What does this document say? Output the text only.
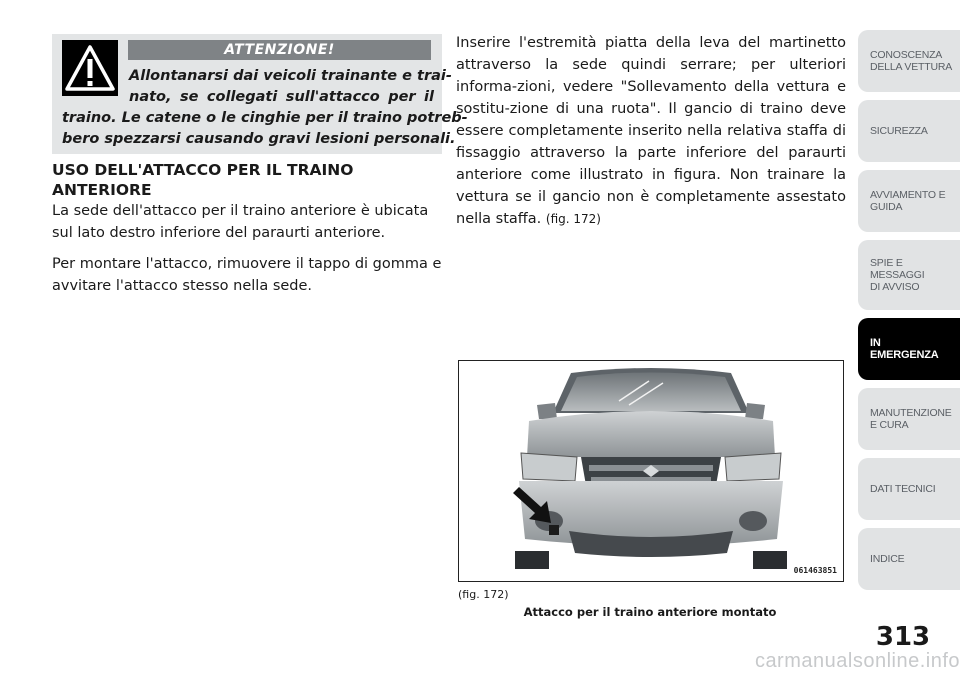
ATTENZIONE!
Allontanarsi dai veicoli trainante e trai-
nato, se collegati sull'attacco per il
traino. Le catene o le cinghie per il traino potreb-
bero spezzarsi causando gravi lesioni personali.
USO DELL'ATTACCO PER IL TRAINO ANTERIORE
La sede dell'attacco per il traino anteriore è ubicata sul lato destro inferiore del paraurti anteriore.
Per montare l'attacco, rimuovere il tappo di gomma e avvitare l'attacco stesso nella sede.
Inserire l'estremità piatta della leva del martinetto attraverso la sede quindi serrare; per ulteriori informa-zioni, vedere "Sollevamento della vettura e sostitu-zione di una ruota". Il gancio di traino deve essere completamente inserito nella relativa staffa di fissaggio attraverso la parte inferiore del paraurti anteriore come illustrato in figura. Non trainare la vettura se il gancio non è completamente assestato nella staffa. (fig. 172)
061463851
(fig. 172)
Attacco per il traino anteriore montato
CONOSCENZA
DELLA VETTURA
SICUREZZA
AVVIAMENTO E
GUIDA
SPIE E
MESSAGGI
DI AVVISO
IN
EMERGENZA
MANUTENZIONE
E CURA
DATI TECNICI
INDICE
313
carmanualsonline.info
